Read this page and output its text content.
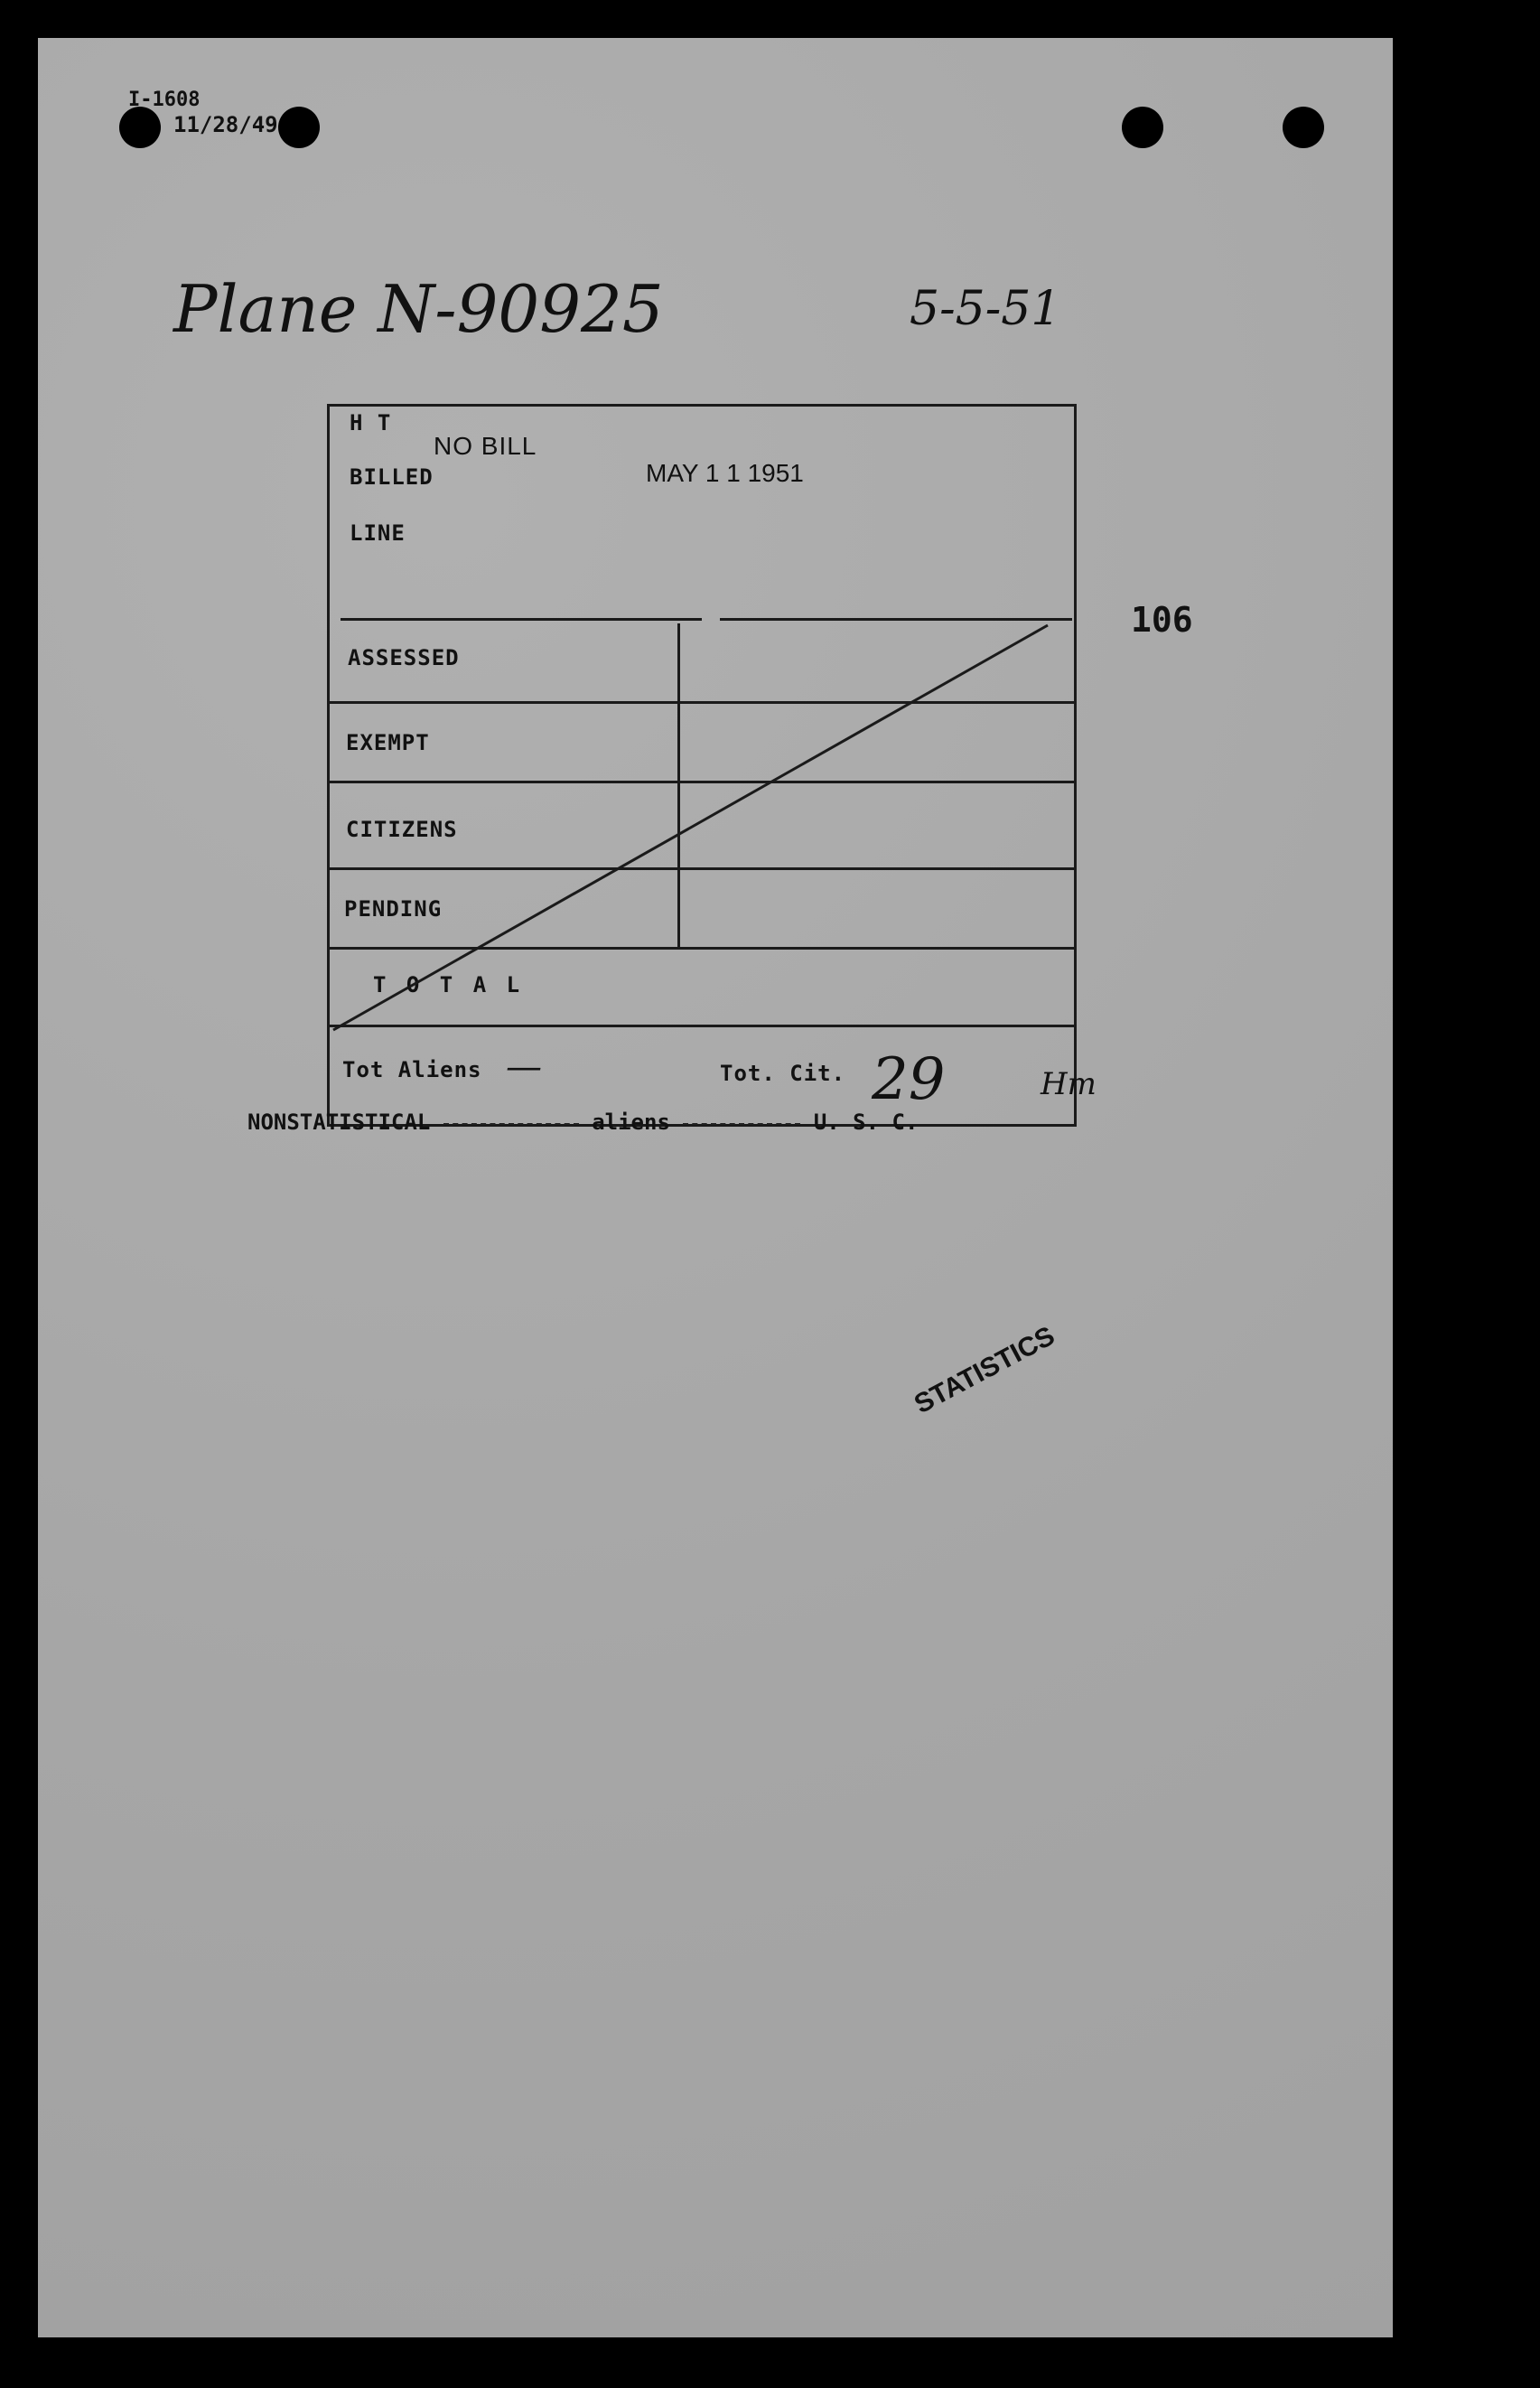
I-1608
11/28/49
Plane N-90925	5-5-51
106
H T
BILLED
LINE
NO BILL
MAY 1 1 1951
ASSESSED
EXEMPT
CITIZENS
PENDING
T O T A L
Tot Aliens —	Tot. Cit. 29	Hm
NONSTATISTICAL	aliens	U. S. C.
STATISTICS
